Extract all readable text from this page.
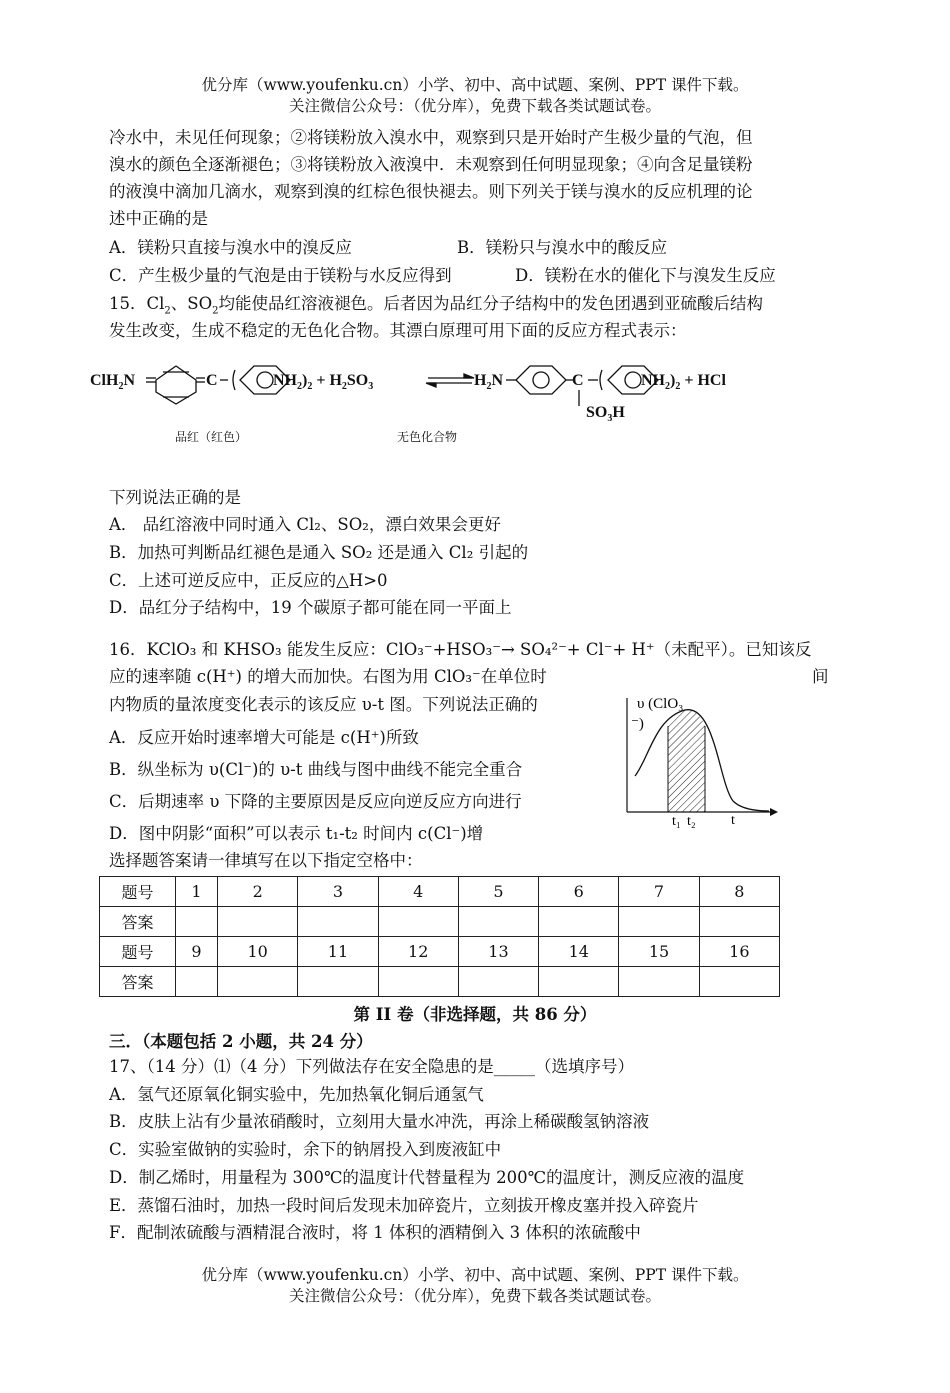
优分库（www.youfenku.cn）小学、初中、高中试题、案例、PPT 课件下载。
关注微信公众号：（优分库），免费下载各类试题试卷。
冷水中，未见任何现象；②将镁粉放入溴水中，观察到只是开始时产生极少量的气泡，但
溴水的颜色全逐渐褪色；③将镁粉放入液溴中．未观察到任何明显现象；④向含足量镁粉
的液溴中滴加几滴水，观察到溴的红棕色很快褪去。则下列关于镁与溴水的反应机理的论
述中正确的是
A．镁粉只直接与溴水中的溴反应	B．镁粉只与溴水中的酸反应
C．产生极少量的气泡是由于镁粉与水反应得到	D．镁粉在水的催化下与溴发生反应
15．$Cl_2$、$SO_2$均能使品红溶液褪色。后者因为品红分子结构中的发色团遇到亚硫酸后结构
发生改变，生成不稳定的无色化合物。其漂白原理可用下面的反应方程式表示：
ClH$_2$N	C	$NH_2)_2 + H_2SO_3$	$H_2N$	C	$NH_2)_2$ + HCl
$SO_3H$
品红（红色）	无色化合物
下列说法正确的是
A． 品红溶液中同时通入 Cl₂、SO₂，漂白效果会更好
B．加热可判断品红褪色是通入 SO₂ 还是通入 Cl₂ 引起的
C．上述可逆反应中，正反应的△H>0
D．品红分子结构中，19 个碳原子都可能在同一平面上
16．KClO₃ 和 KHSO₃ 能发生反应：ClO₃⁻+HSO₃⁻→ SO₄²⁻+ Cl⁻+ H⁺（未配平）。已知该反
应的速率随 c(H⁺) 的增大而加快。右图为用 ClO₃⁻在单位时	间
内物质的量浓度变化表示的该反应 υ-t 图。下列说法正确的
A．反应开始时速率增大可能是 c(H⁺)所致
B．纵坐标为 υ(Cl⁻)的 υ-t 曲线与图中曲线不能完全重合
C．后期速率 υ 下降的主要原因是反应向逆反应方向进行
D．图中阴影“面积”可以表示 t₁-t₂ 时间内 c(Cl⁻)增
υ (ClO₃
⁻)
t₁ t₂	t
选择题答案请一律填写在以下指定空格中：
题号	1	2	3	4	5	6	7	8
答案								
题号	9	10	11	12	13	14	15	16
答案								
第 II 卷（非选择题，共 86 分）
三．（本题包括 2 小题，共 24 分）
17、（14 分）⑴（4 分）下列做法存在安全隐患的是_____（选填序号）
A．氢气还原氧化铜实验中，先加热氧化铜后通氢气
B．皮肤上沾有少量浓硝酸时，立刻用大量水冲洗，再涂上稀碳酸氢钠溶液
C．实验室做钠的实验时，余下的钠屑投入到废液缸中
D．制乙烯时，用量程为 300℃的温度计代替量程为 200℃的温度计，测反应液的温度
E．蒸馏石油时，加热一段时间后发现未加碎瓷片，立刻拔开橡皮塞并投入碎瓷片
F．配制浓硫酸与酒精混合液时，将 1 体积的酒精倒入 3 体积的浓硫酸中
优分库（www.youfenku.cn）小学、初中、高中试题、案例、PPT 课件下载。
关注微信公众号：（优分库），免费下载各类试题试卷。
